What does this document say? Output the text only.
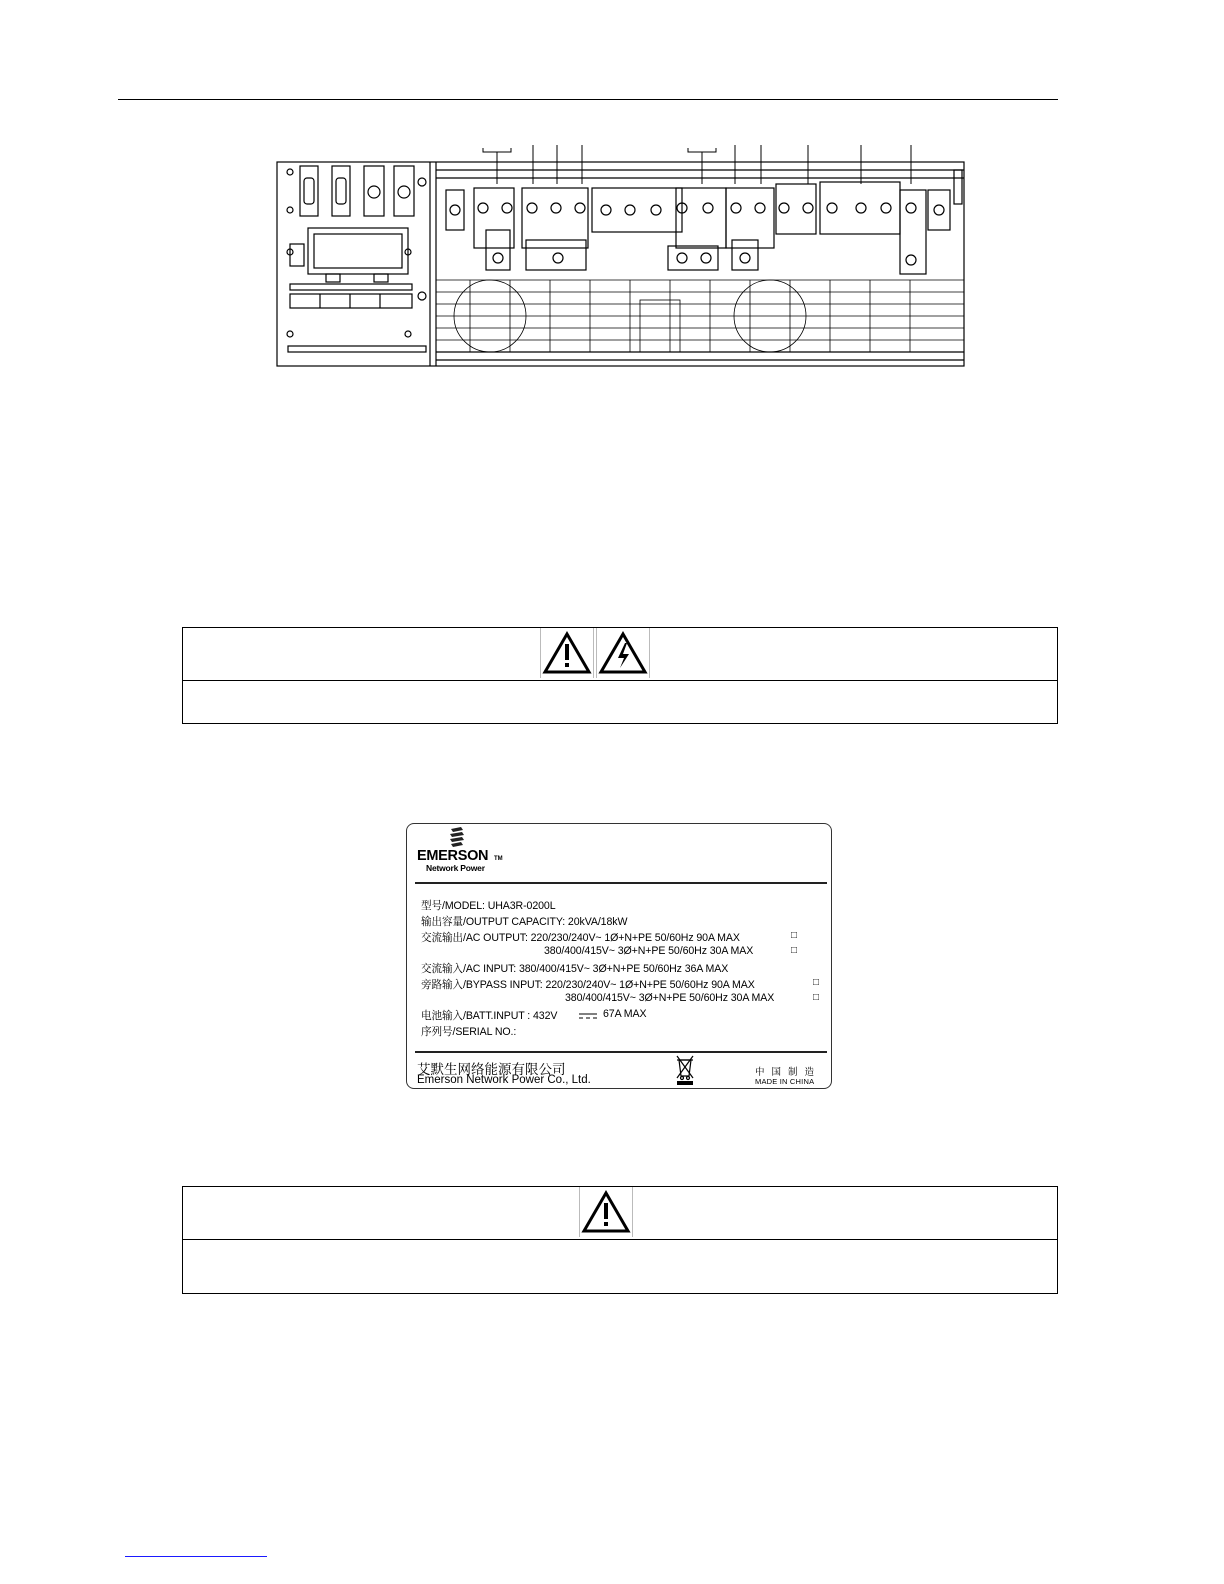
EMERSON TM
Network Power
型号/MODEL: UHA3R-0200L
输出容量/OUTPUT CAPACITY: 20kVA/18kW
交流输出/AC OUTPUT: 220/230/240V~ 1Ø+N+PE 50/60Hz 90A MAX	□
380/400/415V~ 3Ø+N+PE 50/60Hz 30A MAX	□
交流输入/AC INPUT: 380/400/415V~ 3Ø+N+PE 50/60Hz 36A MAX
旁路输入/BYPASS INPUT: 220/230/240V~ 1Ø+N+PE 50/60Hz 90A MAX	□
380/400/415V~ 3Ø+N+PE 50/60Hz 30A MAX	□
电池输入/BATT.INPUT : 432V	67A MAX
序列号/SERIAL NO.:
艾默生网络能源有限公司
Emerson Network Power Co., Ltd.
中国制造
MADE IN CHINA
